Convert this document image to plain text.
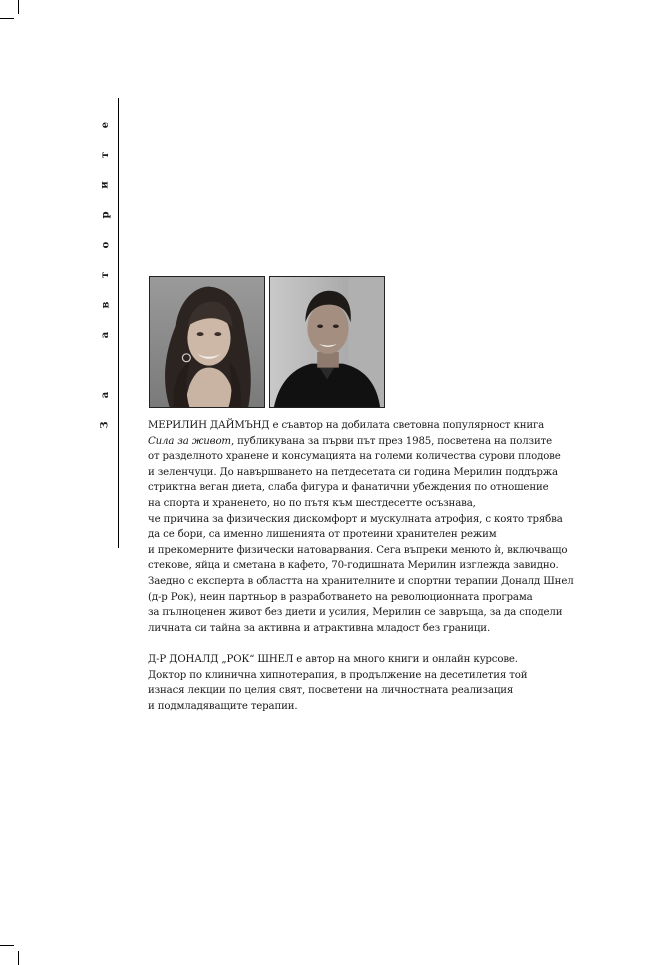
е
т
и
р
о
т
в
а

а
З	МЕРИЛИН ДАЙМЪНД е съавтор на добилата световна популярност книга
Сила за живот, публикувана за първи път през 1985, посветена на ползите
от разделното хранене и консумацията на големи количества сурови плодове
и зеленчуци. До навършването на петдесетата си година Мерилин поддържа
стриктна веган диета, слаба фигура и фанатични убеждения по отношение
на спорта и храненето, но по пътя към шестдесетте осъзнава,
че причина за физическия дискомфорт и мускулната атрофия, с която трябва
да се бори, са именно лишенията от протеини хранителен режим
и прекомерните физически натоварвания. Сега въпреки менюто ѝ, включващо
стекове, яйца и сметана в кафето, 70-годишната Мерилин изглежда завидно.
Заедно с експерта в областта на хранителните и спортни терапии Доналд Шнел
(д-р Рок), неин партньор в разработването на революционната програма
за пълноценен живот без диети и усилия, Мерилин се завръща, за да сподели
личната си тайна за активна и атрактивна младост без граници.

Д-Р ДОНАЛД „РОК“ ШНЕЛ е автор на много книги и онлайн курсове.
Доктор по клинична хипнотерапия, в продължение на десетилетия той
изнася лекции по целия свят, посветени на личностната реализация
и подмладяващите терапии.
